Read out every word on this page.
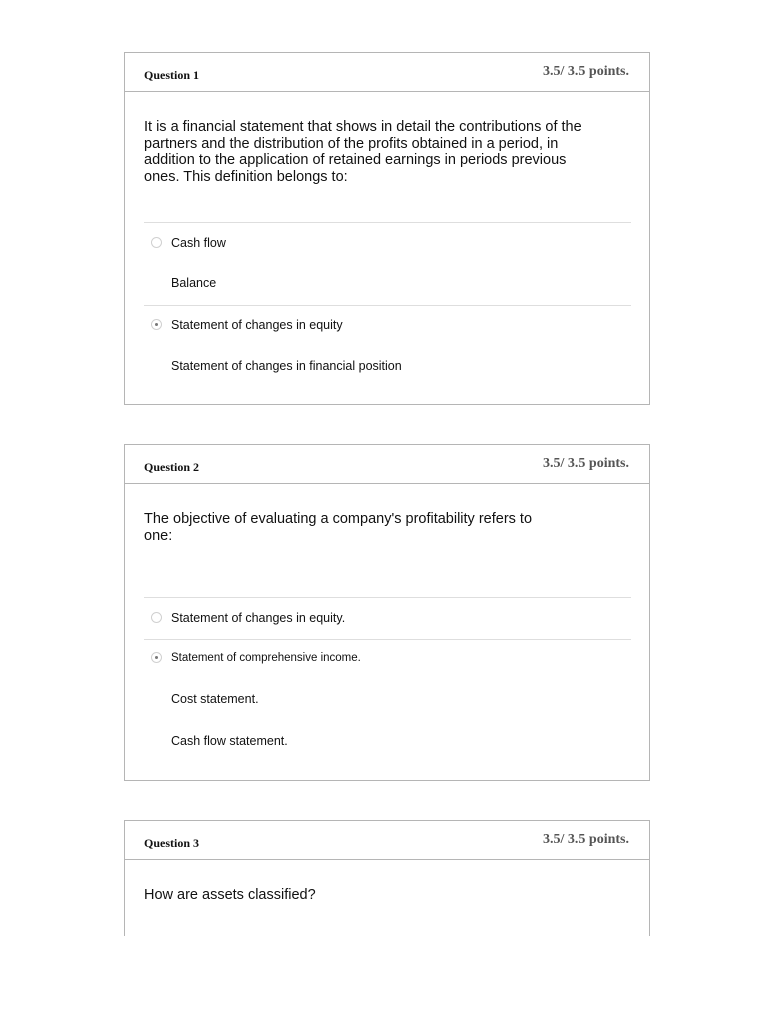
Question 1	3.5/ 3.5 points.

It is a financial statement that shows in detail the contributions of the partners and the distribution of the profits obtained in a period, in addition to the application of retained earnings in periods previous ones. This definition belongs to:

Cash flow
Balance
Statement of changes in equity
Statement of changes in financial position
Question 2	3.5/ 3.5 points.

The objective of evaluating a company's profitability refers to one:

Statement of changes in equity.
Statement of comprehensive income.
Cost statement.
Cash flow statement.
Question 3	3.5/ 3.5 points.

How are assets classified?
